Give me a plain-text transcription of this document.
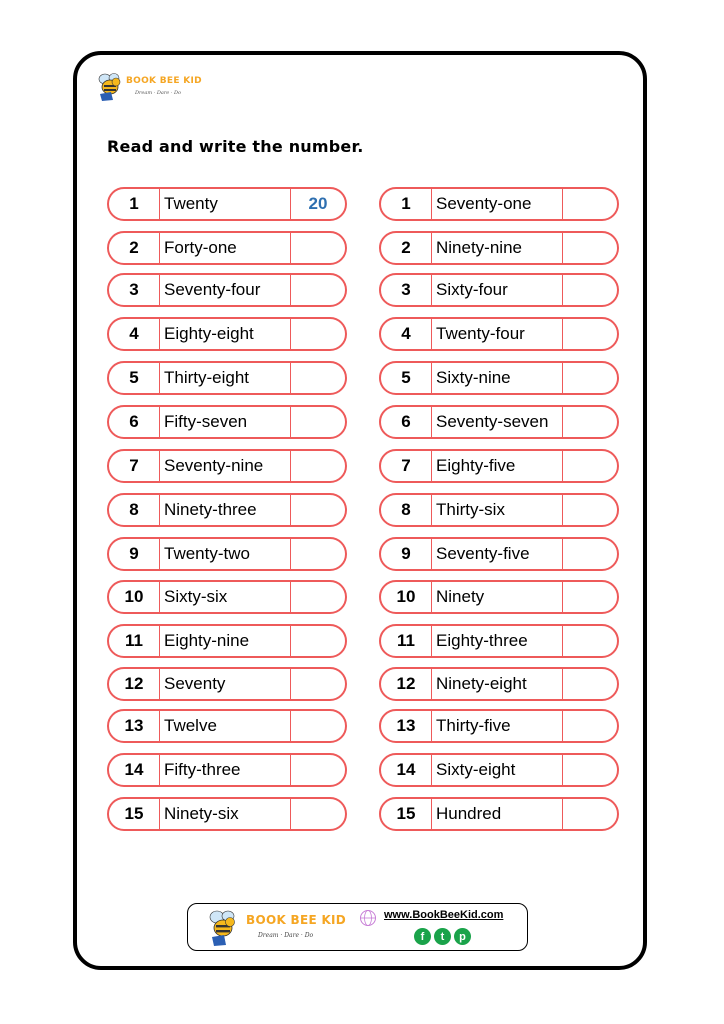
BOOK BEE KID
Dream · Dare · Do
Read and write the number.
1	Twenty	20
2	Forty-one
3	Seventy-four
4	Eighty-eight
5	Thirty-eight
6	Fifty-seven
7	Seventy-nine
8	Ninety-three
9	Twenty-two
10	Sixty-six
11	Eighty-nine
12	Seventy
13	Twelve
14	Fifty-three
15	Ninety-six
1	Seventy-one
2	Ninety-nine
3	Sixty-four
4	Twenty-four
5	Sixty-nine
6	Seventy-seven
7	Eighty-five
8	Thirty-six
9	Seventy-five
10	Ninety
11	Eighty-three
12	Ninety-eight
13	Thirty-five
14	Sixty-eight
15	Hundred
BOOK BEE KID
Dream · Dare · Do
www.BookBeeKid.com
f	t	p
